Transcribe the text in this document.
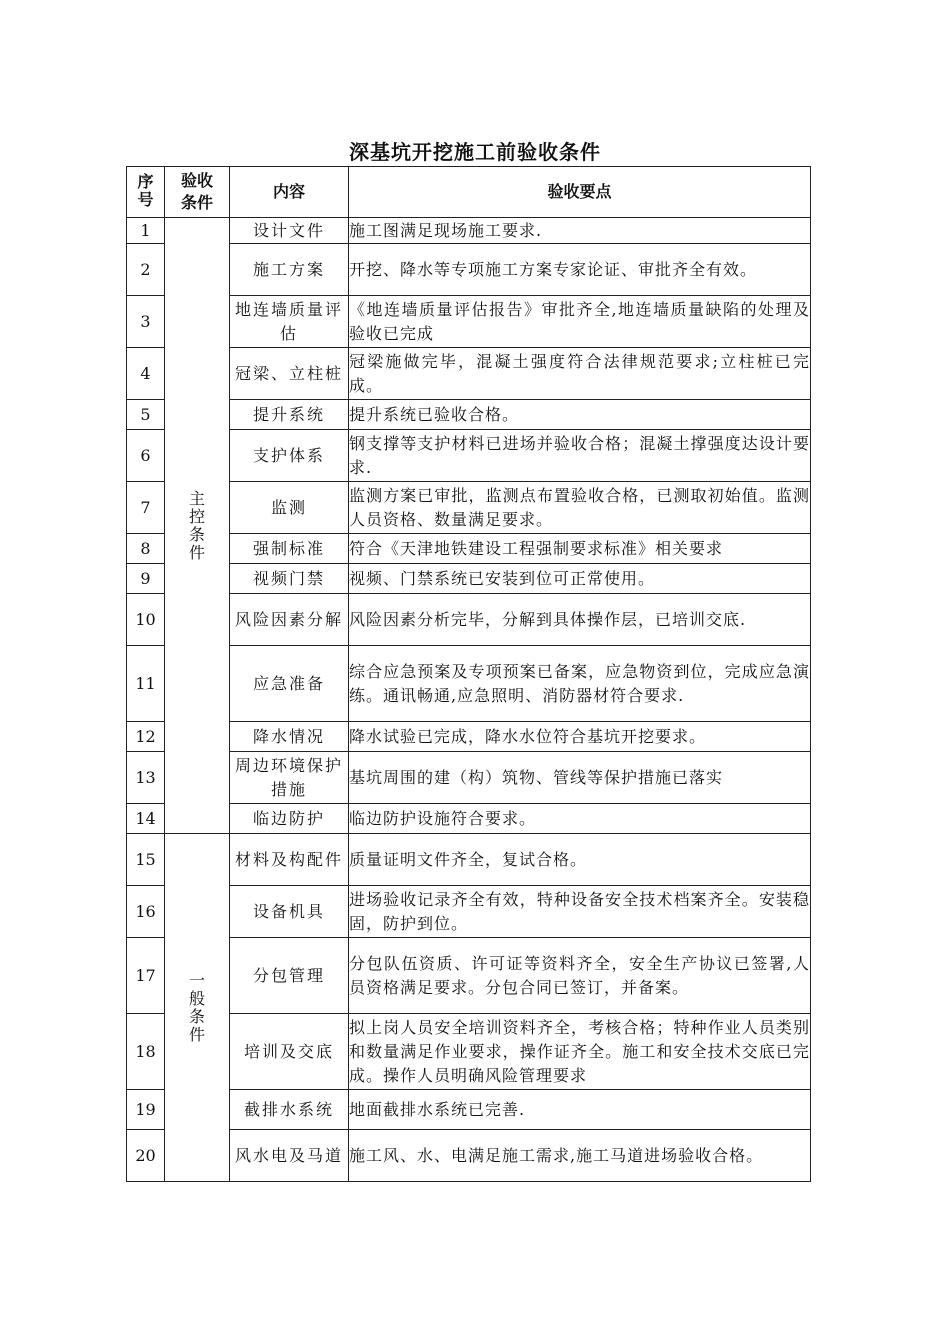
深基坑开挖施工前验收条件
序号	验收条件	内容	验收要点
1	主控条件	设计文件	施工图满足现场施工要求.
2		施工方案	开挖、降水等专项施工方案专家论证、审批齐全有效。
3		地连墙质量评估	《地连墙质量评估报告》审批齐全,地连墙质量缺陷的处理及验收已完成
4		冠梁、立柱桩	冠梁施做完毕，混凝土强度符合法律规范要求;立柱桩已完成。
5		提升系统	提升系统已验收合格。
6		支护体系	钢支撑等支护材料已进场并验收合格；混凝土撑强度达设计要求.
7		监测	监测方案已审批，监测点布置验收合格，已测取初始值。监测人员资格、数量满足要求。
8		强制标准	符合《天津地铁建设工程强制要求标准》相关要求
9		视频门禁	视频、门禁系统已安装到位可正常使用。
10		风险因素分解	风险因素分析完毕，分解到具体操作层，已培训交底.
11		应急准备	综合应急预案及专项预案已备案，应急物资到位，完成应急演练。通讯畅通,应急照明、消防器材符合要求.
12		降水情况	降水试验已完成，降水水位符合基坑开挖要求。
13		周边环境保护措施	基坑周围的建（构）筑物、管线等保护措施已落实
14		临边防护	临边防护设施符合要求。
15	一般条件	材料及构配件	质量证明文件齐全，复试合格。
16		设备机具	进场验收记录齐全有效，特种设备安全技术档案齐全。安装稳固，防护到位。
17		分包管理	分包队伍资质、许可证等资料齐全，安全生产协议已签署,人员资格满足要求。分包合同已签订，并备案。
18		培训及交底	拟上岗人员安全培训资料齐全，考核合格；特种作业人员类别和数量满足作业要求，操作证齐全。施工和安全技术交底已完成。操作人员明确风险管理要求
19		截排水系统	地面截排水系统已完善.
20		风水电及马道	施工风、水、电满足施工需求,施工马道进场验收合格。
